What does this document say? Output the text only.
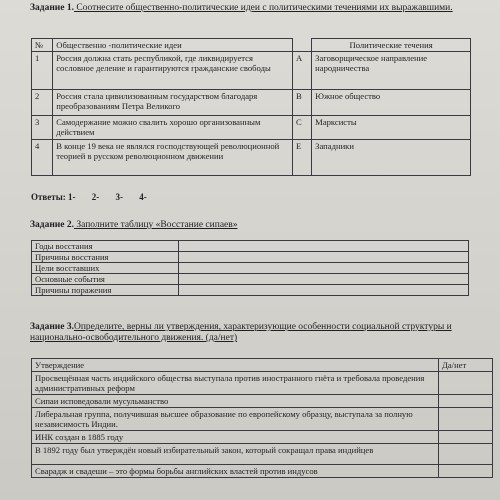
Задание 1. Соотнесите общественно-политические идеи с политическими течениями их выражавшими.
№	Общественно -политические идеи		Политические течения
1	Россия должна стать республикой, где ликвидируется сословное деление и гарантируются гражданские свободы	А	Заговорщическое направление народничества
2	Россия стала цивилизованным государством благодаря преобразованиям Петра Великого	В	Южное общество
3	Самодержание можно свалить хорошо организованным действием	С	Марксисты
4	В конце 19 века не являлся господствующей революционной теорией в русском революционном движении	Е	Западники
Ответы: 1- 2- 3- 4-
Задание 2. Заполните таблицу «Восстание сипаев»
Годы восстания	
Причины восстания	
Цели восставших	
Основные события	
Причины поражения	
Задание 3.Определите, верны ли утверждения, характеризующие особенности социальной структуры и национально-освободительного движения. (да/нет)
Утверждение	Да/нет
Просвещённая часть индийского общества выступала против иностранного гнёта и требовала проведения административных реформ	
Сипаи исповедовали мусульманство	
Либеральная группа, получившая высшее образование по европейскому образцу, выступала за полную независимость Индии.	
ИНК создан в 1885 году	
В 1892 году был утверждён новый избирательный закон, который сокращал права индийцев	
Свaрадж и свадеши – это формы борьбы английских властей против индусов	
